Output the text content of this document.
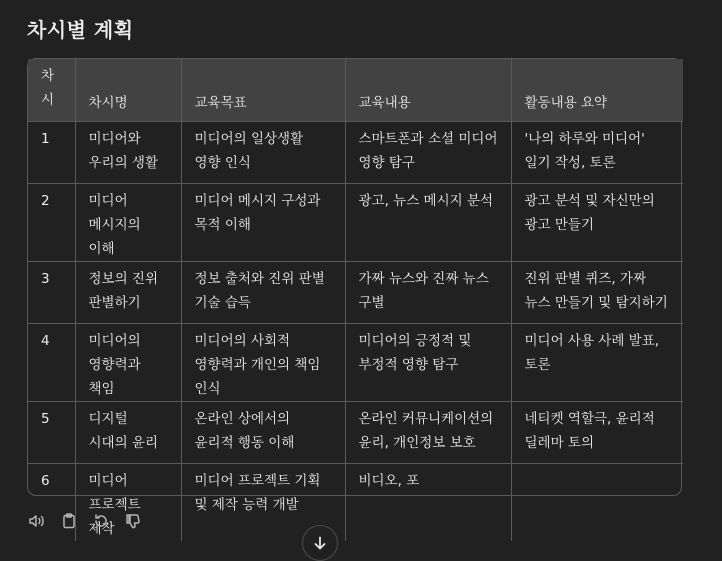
차시별 계획
차시	차시명	교육목표	교육내용	활동내용 요약
1	미디어와 우리의 생활	미디어의 일상생활 영향 인식	스마트폰과 소셜 미디어 영향 탐구	'나의 하루와 미디어' 일기 작성, 토론
2	미디어 메시지의 이해	미디어 메시지 구성과 목적 이해	광고, 뉴스 메시지 분석	광고 분석 및 자신만의 광고 만들기
3	정보의 진위 판별하기	정보 출처와 진위 판별 기술 습득	가짜 뉴스와 진짜 뉴스 구별	진위 판별 퀴즈, 가짜 뉴스 만들기 및 탐지하기
4	미디어의 영향력과 책임	미디어의 사회적 영향력과 개인의 책임 인식	미디어의 긍정적 및 부정적 영향 탐구	미디어 사용 사례 발표, 토론
5	디지털 시대의 윤리	온라인 상에서의 윤리적 행동 이해	온라인 커뮤니케이션의 윤리, 개인정보 보호	네티켓 역할극, 윤리적 딜레마 토의
6	미디어 프로젝트 제작	미디어 프로젝트 기획 및 제작 능력 개발	비디오, 포	
